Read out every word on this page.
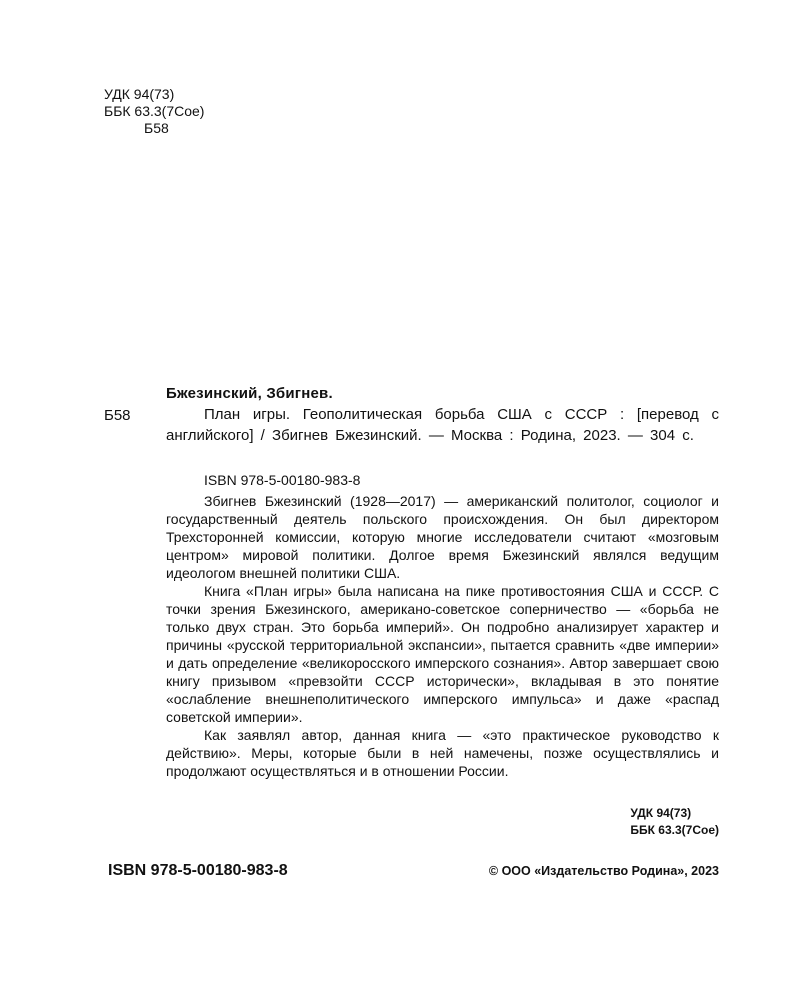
УДК 94(73)
ББК 63.3(7Сое)
Б58
Бжезинский, Збигнев.
Б58	План игры. Геополитическая борьба США с СССР : [перевод с английского] / Збигнев Бжезинский. — Москва : Родина, 2023. — 304 с.

ISBN 978-5-00180-983-8

Збигнев Бжезинский (1928—2017) — американский политолог, социолог и государственный деятель польского происхождения. Он был директором Трехсторонней комиссии, которую многие исследователи считают «мозговым центром» мировой политики. Долгое время Бжезинский являлся ведущим идеологом внешней политики США.

Книга «План игры» была написана на пике противостояния США и СССР. С точки зрения Бжезинского, американо-советское соперничество — «борьба не только двух стран. Это борьба империй». Он подробно анализирует характер и причины «русской территориальной экспансии», пытается сравнить «две империи» и дать определение «великоросского имперского сознания». Автор завершает свою книгу призывом «превзойти СССР исторически», вкладывая в это понятие «ослабление внешнеполитического имперского импульса» и даже «распад советской империи».

Как заявлял автор, данная книга — «это практическое руководство к действию». Меры, которые были в ней намечены, позже осуществлялись и продолжают осуществляться и в отношении России.

УДК 94(73)
ББК 63.3(7Сое)
ISBN 978-5-00180-983-8	© ООО «Издательство Родина», 2023
